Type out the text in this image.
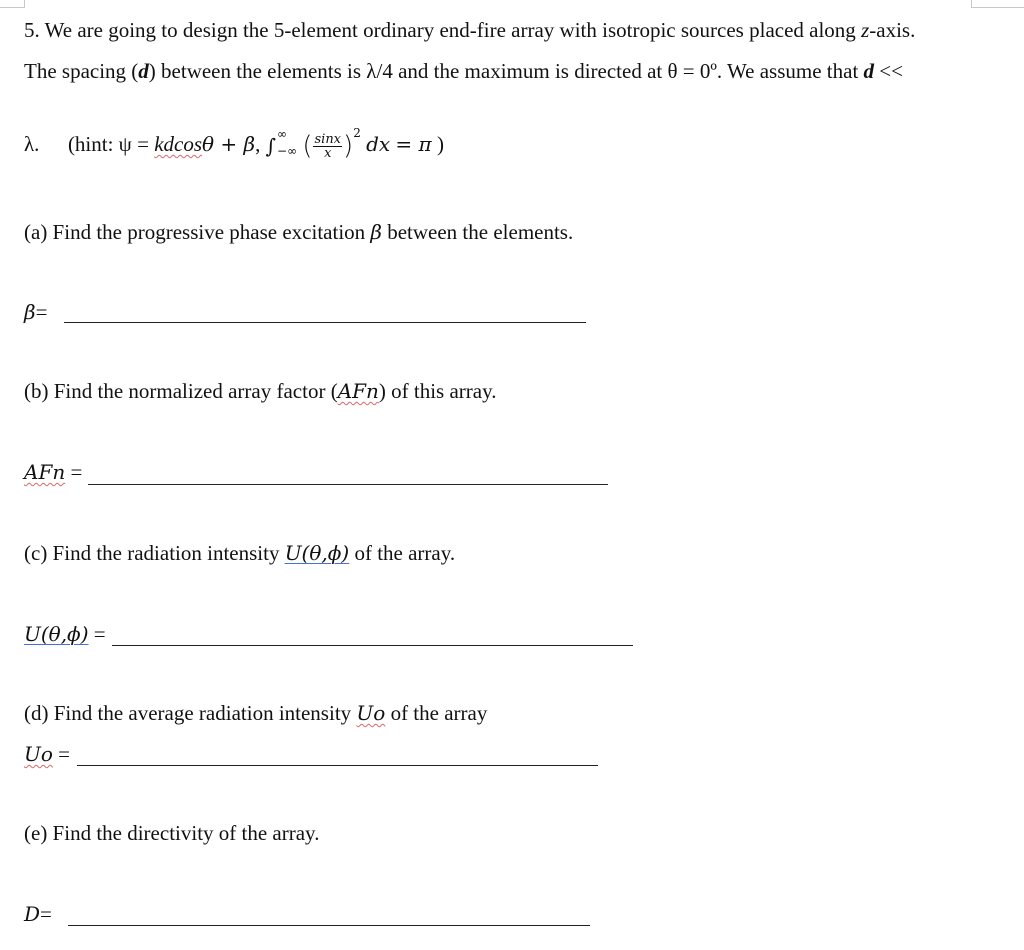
5. We are going to design the 5-element ordinary end-fire array with isotropic sources placed along z-axis.
The spacing (d) between the elements is λ/4 and the maximum is directed at θ = 0º. We assume that d <<
λ. (hint: ψ = kdcosθ + β, ∫ ∞
−∞ ( $\frac{\sin x}{x} )^2$ dx = π )
(a) Find the progressive phase excitation β between the elements.
β=
(b) Find the normalized array factor (AFn) of this array.
AFn =
(c) Find the radiation intensity U(θ,ϕ) of the array.
U(θ,ϕ) =
(d) Find the average radiation intensity Uo of the array
Uo =
(e) Find the directivity of the array.
D=
